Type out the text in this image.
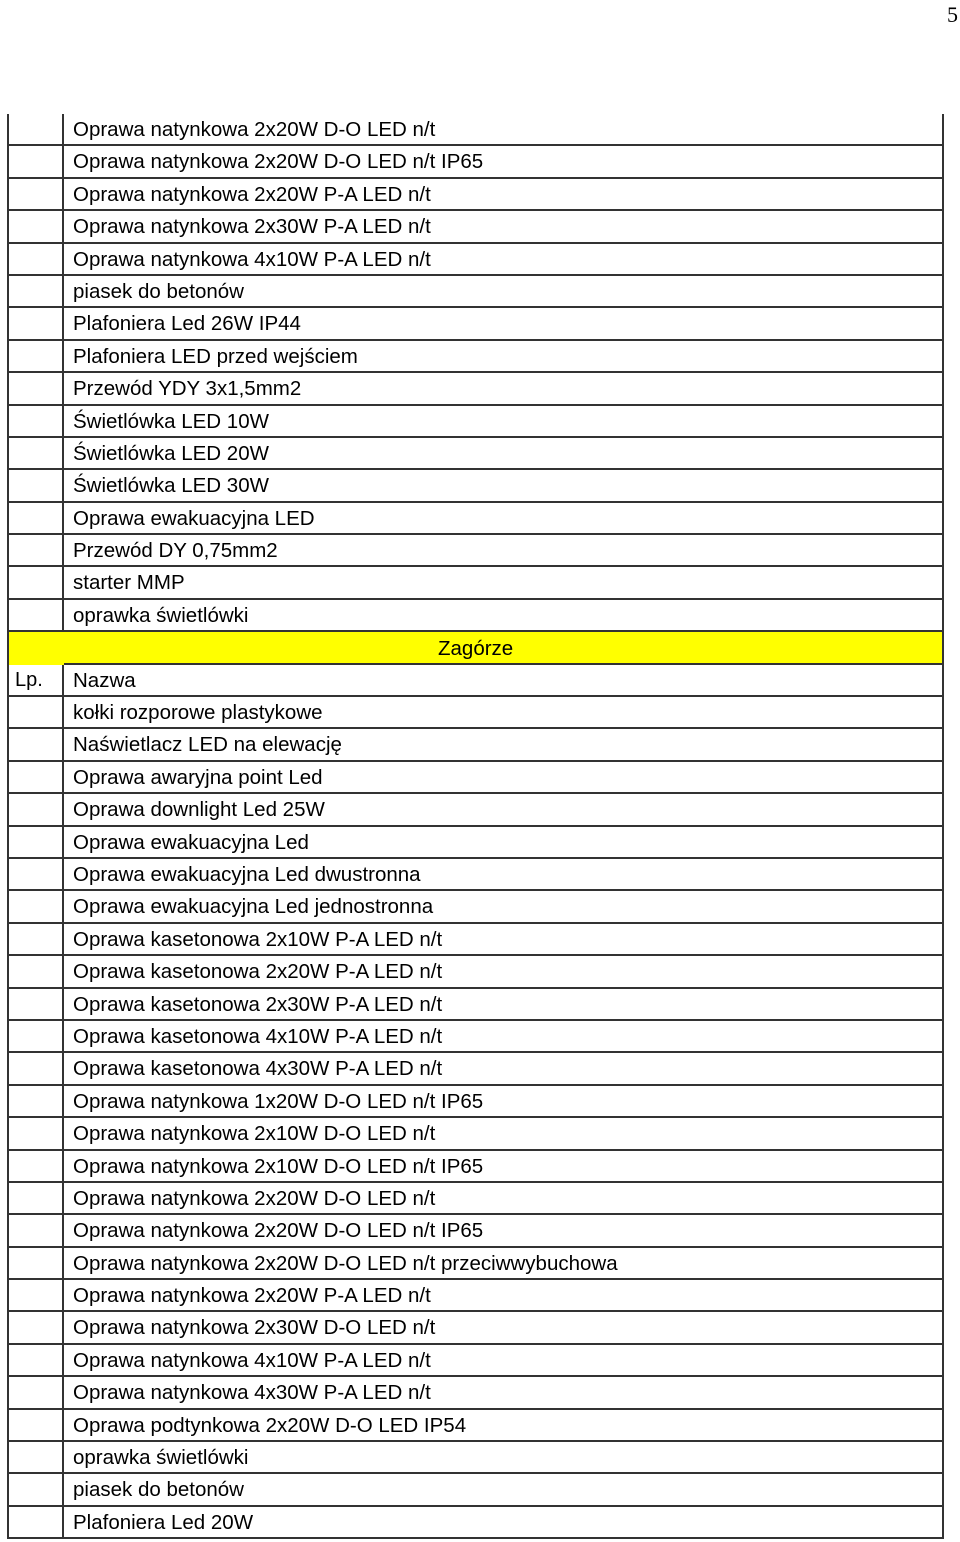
5
Oprawa natynkowa 2x20W D-O LED n/t
Oprawa natynkowa 2x20W D-O LED n/t IP65
Oprawa natynkowa 2x20W P-A LED n/t
Oprawa natynkowa 2x30W P-A LED n/t
Oprawa natynkowa 4x10W P-A LED n/t
piasek do betonów
Plafoniera Led 26W IP44
Plafoniera LED przed wejściem
Przewód YDY 3x1,5mm2
Świetlówka LED 10W
Świetlówka LED 20W
Świetlówka LED 30W
Oprawa ewakuacyjna LED
Przewód DY 0,75mm2
starter MMP
oprawka świetlówki
Zagórze
Lp.	Nazwa
kołki rozporowe plastykowe
Naświetlacz LED na elewację
Oprawa awaryjna point Led
Oprawa downlight Led 25W
Oprawa ewakuacyjna Led
Oprawa ewakuacyjna Led dwustronna
Oprawa ewakuacyjna Led jednostronna
Oprawa kasetonowa 2x10W P-A LED n/t
Oprawa kasetonowa 2x20W P-A LED n/t
Oprawa kasetonowa 2x30W P-A LED n/t
Oprawa kasetonowa 4x10W P-A LED n/t
Oprawa kasetonowa 4x30W P-A LED n/t
Oprawa natynkowa 1x20W D-O LED n/t IP65
Oprawa natynkowa 2x10W D-O LED n/t
Oprawa natynkowa 2x10W D-O LED n/t IP65
Oprawa natynkowa 2x20W D-O LED n/t
Oprawa natynkowa 2x20W D-O LED n/t IP65
Oprawa natynkowa 2x20W D-O LED n/t przeciwwybuchowa
Oprawa natynkowa 2x20W P-A LED n/t
Oprawa natynkowa 2x30W D-O LED n/t
Oprawa natynkowa 4x10W P-A LED n/t
Oprawa natynkowa 4x30W P-A LED n/t
Oprawa podtynkowa 2x20W D-O LED IP54
oprawka świetlówki
piasek do betonów
Plafoniera Led 20W
